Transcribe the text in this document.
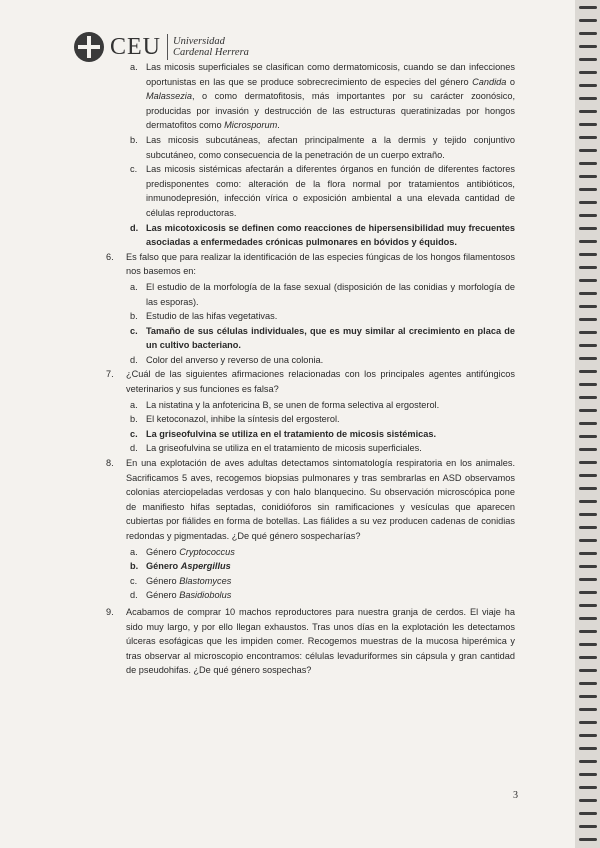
CEU Universidad
Cardenal Herrera
a. Las micosis superficiales se clasifican como dermatomicosis, cuando se dan infecciones oportunistas en las que se produce sobrecrecimiento de especies del género Candida o Malassezia, o como dermatofitosis, más importantes por su carácter zoonósico, producidas por invasión y destrucción de las estructuras queratinizadas por hongos dermatofitos como Microsporum.
b. Las micosis subcutáneas, afectan principalmente a la dermis y tejido conjuntivo subcutáneo, como consecuencia de la penetración de un cuerpo extraño.
c. Las micosis sistémicas afectarán a diferentes órganos en función de diferentes factores predisponentes como: alteración de la flora normal por tratamientos antibióticos, inmunodepresión, infección vírica o exposición ambiental a una elevada cantidad de células reproductoras.
d. Las micotoxicosis se definen como reacciones de hipersensibilidad muy frecuentes asociadas a enfermedades crónicas pulmonares en bóvidos y équidos.
6. Es falso que para realizar la identificación de las especies fúngicas de los hongos filamentosos nos basemos en:
a. El estudio de la morfología de la fase sexual (disposición de las conidias y morfología de las esporas).
b. Estudio de las hifas vegetativas.
c. Tamaño de sus células individuales, que es muy similar al crecimiento en placa de un cultivo bacteriano.
d. Color del anverso y reverso de una colonia.
7. ¿Cuál de las siguientes afirmaciones relacionadas con los principales agentes antifúngicos veterinarios y sus funciones es falsa?
a. La nistatina y la anfotericina B, se unen de forma selectiva al ergosterol.
b. El ketoconazol, inhibe la síntesis del ergosterol.
c. La griseofulvina se utiliza en el tratamiento de micosis sistémicas.
d. La griseofulvina se utiliza en el tratamiento de micosis superficiales.
8. En una explotación de aves adultas detectamos sintomatología respiratoria en los animales. Sacrificamos 5 aves, recogemos biopsias pulmonares y tras sembrarlas en ASD observamos colonias aterciopeladas verdosas y con halo blanquecino. Su observación microscópica pone de manifiesto hifas septadas, conidióforos sin ramificaciones y vesículas que aparecen cubiertas por fiálides en forma de botellas. Las fiálides a su vez producen cadenas de conidias redondas y pigmentadas. ¿De qué género sospecharías?
a. Género Cryptococcus
b. Género Aspergillus
c. Género Blastomyces
d. Género Basidiobolus
9. Acabamos de comprar 10 machos reproductores para nuestra granja de cerdos. El viaje ha sido muy largo, y por ello llegan exhaustos. Tras unos días en la explotación les detectamos úlceras esofágicas que les impiden comer. Recogemos muestras de la mucosa hiperémica y tras observar al microscopio encontramos: células levaduriformes sin cápsula y gran cantidad de pseudohifas. ¿De qué género sospechas?
3
